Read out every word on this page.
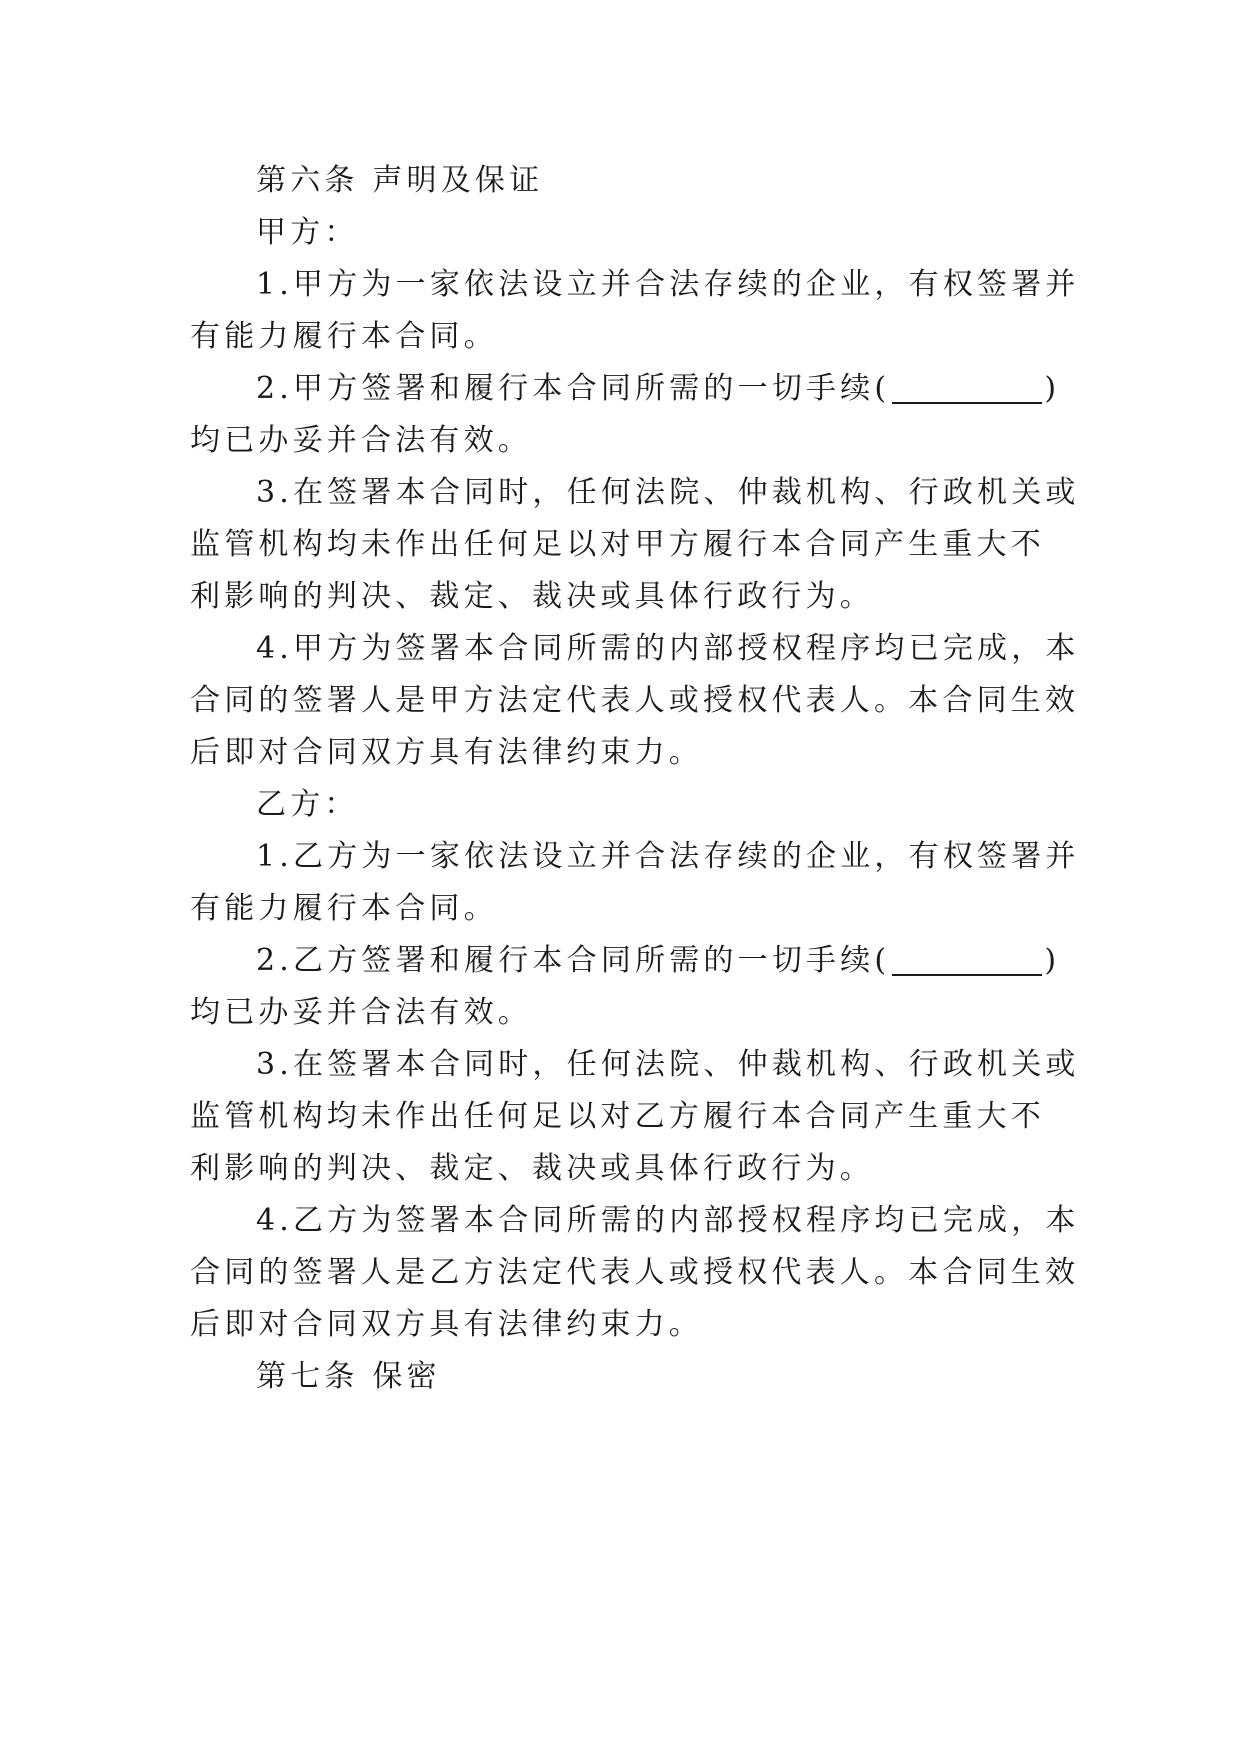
第六条 声明及保证
甲方：
1.甲方为一家依法设立并合法存续的企业，有权签署并
有能力履行本合同。
2.甲方签署和履行本合同所需的一切手续(	)
均已办妥并合法有效。
3.在签署本合同时，任何法院、仲裁机构、行政机关或
监管机构均未作出任何足以对甲方履行本合同产生重大不
利影响的判决、裁定、裁决或具体行政行为。
4.甲方为签署本合同所需的内部授权程序均已完成，本
合同的签署人是甲方法定代表人或授权代表人。本合同生效
后即对合同双方具有法律约束力。
乙方：
1.乙方为一家依法设立并合法存续的企业，有权签署并
有能力履行本合同。
2.乙方签署和履行本合同所需的一切手续(	)
均已办妥并合法有效。
3.在签署本合同时，任何法院、仲裁机构、行政机关或
监管机构均未作出任何足以对乙方履行本合同产生重大不
利影响的判决、裁定、裁决或具体行政行为。
4.乙方为签署本合同所需的内部授权程序均已完成，本
合同的签署人是乙方法定代表人或授权代表人。本合同生效
后即对合同双方具有法律约束力。
第七条 保密
